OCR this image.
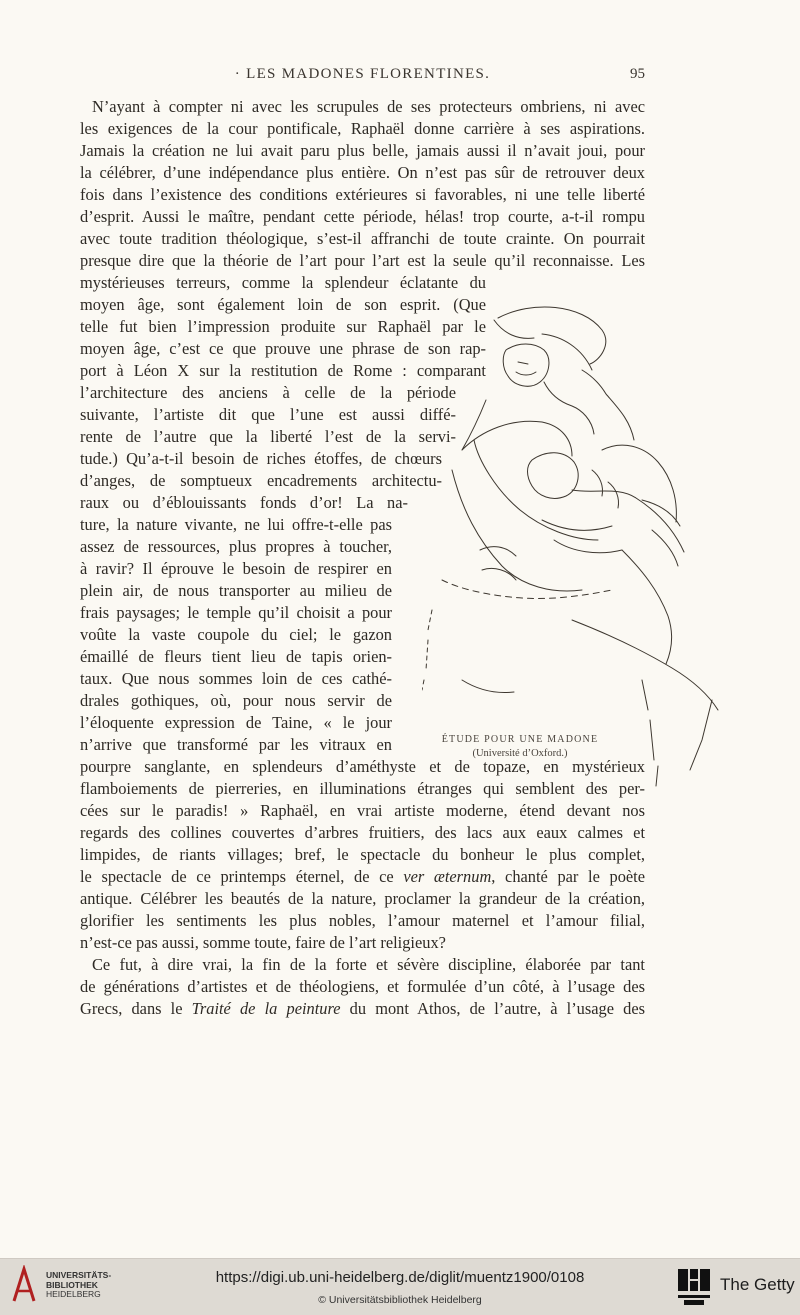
· LES MADONES FLORENTINES.	95
N’ayant à compter ni avec les scrupules de ses protecteurs ombriens, ni avec
les exigences de la cour pontificale, Raphaël donne carrière à ses aspirations.
Jamais la création ne lui avait paru plus belle, jamais aussi il n’avait joui, pour
la célébrer, d’une indépendance plus entière. On n’est pas sûr de retrouver deux
fois dans l’existence des conditions extérieures si favorables, ni une telle liberté
d’esprit. Aussi le maître, pendant cette période, hélas! trop courte, a-t-il rompu
avec toute tradition théologique, s’est-il affranchi de toute crainte. On pourrait
presque dire que la théorie de l’art pour l’art est la seule qu’il reconnaisse. Les
mystérieuses terreurs, comme la splendeur éclatante du
moyen âge, sont également loin de son esprit. (Que
telle fut bien l’impression produite sur Raphaël par le
moyen âge, c’est ce que prouve une phrase de son rap-
port à Léon X sur la restitution de Rome : comparant
l’architecture des anciens à celle de la période
suivante, l’artiste dit que l’une est aussi diffé-
rente de l’autre que la liberté l’est de la servi-
tude.) Qu’a-t-il besoin de riches étoffes, de chœurs
d’anges, de somptueux encadrements architectu-
raux ou d’éblouissants fonds d’or! La na-
ture, la nature vivante, ne lui offre-t-elle pas
assez de ressources, plus propres à toucher,
à ravir? Il éprouve le besoin de respirer en
plein air, de nous transporter au milieu de
frais paysages; le temple qu’il choisit a pour
voûte la vaste coupole du ciel; le gazon
émaillé de fleurs tient lieu de tapis orien-
taux. Que nous sommes loin de ces cathé-
drales gothiques, où, pour nous servir de
l’éloquente expression de Taine, « le jour
n’arrive que transformé par les vitraux en
pourpre sanglante, en splendeurs d’améthyste et de topaze, en mystérieux
flamboiements de pierreries, en illuminations étranges qui semblent des per-
cées sur le paradis! » Raphaël, en vrai artiste moderne, étend devant nos
regards des collines couvertes d’arbres fruitiers, des lacs aux eaux calmes et
limpides, de riants villages; bref, le spectacle du bonheur le plus complet,
le spectacle de ce printemps éternel, de ce ver æternum, chanté par le poète
antique. Célébrer les beautés de la nature, proclamer la grandeur de la création,
glorifier les sentiments les plus nobles, l’amour maternel et l’amour filial,
n’est-ce pas aussi, somme toute, faire de l’art religieux?
Ce fut, à dire vrai, la fin de la forte et sévère discipline, élaborée par tant
de générations d’artistes et de théologiens, et formulée d’un côté, à l’usage des
Grecs, dans le Traité de la peinture du mont Athos, de l’autre, à l’usage des
ÉTUDE POUR UNE MADONE
(Université d’Oxford.)
UNIVERSITÄTS-
BIBLIOTHEK
HEIDELBERG
https://digi.ub.uni-heidelberg.de/diglit/muentz1900/0108
© Universitätsbibliothek Heidelberg
The Getty
